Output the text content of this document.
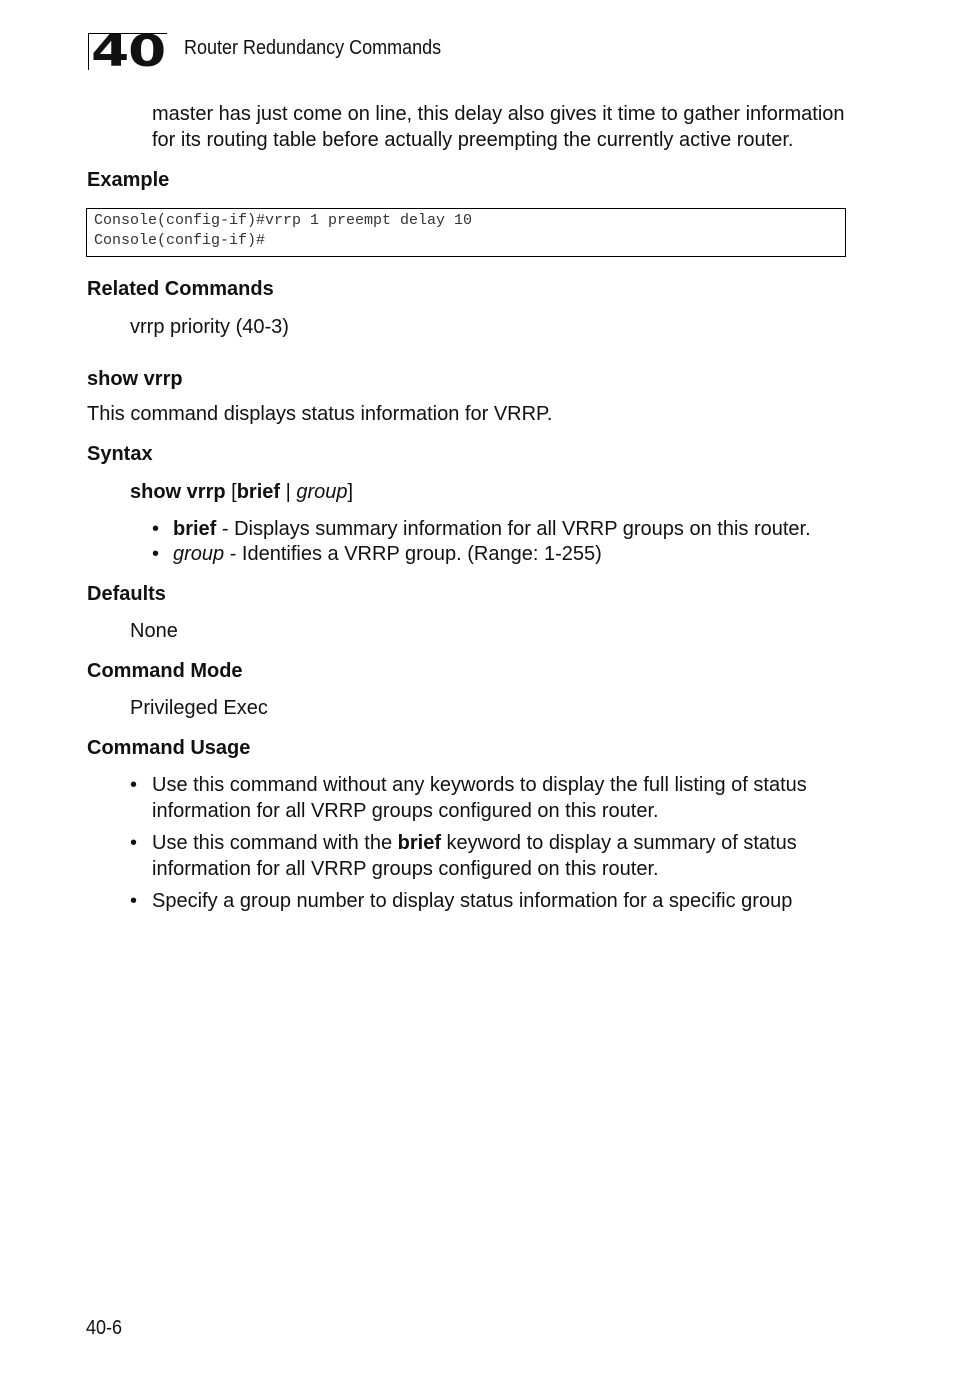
40 Router Redundancy Commands
master has just come on line, this delay also gives it time to gather information
for its routing table before actually preempting the currently active router.
Example
Console(config-if)#vrrp 1 preempt delay 10
Console(config-if)#
Related Commands
vrrp priority (40-3)
show vrrp
This command displays status information for VRRP.
Syntax
show vrrp [brief | group]
• brief - Displays summary information for all VRRP groups on this router.
• group - Identifies a VRRP group. (Range: 1-255)
Defaults
None
Command Mode
Privileged Exec
Command Usage
• Use this command without any keywords to display the full listing of status
information for all VRRP groups configured on this router.
• Use this command with the brief keyword to display a summary of status
information for all VRRP groups configured on this router.
• Specify a group number to display status information for a specific group
40-6
